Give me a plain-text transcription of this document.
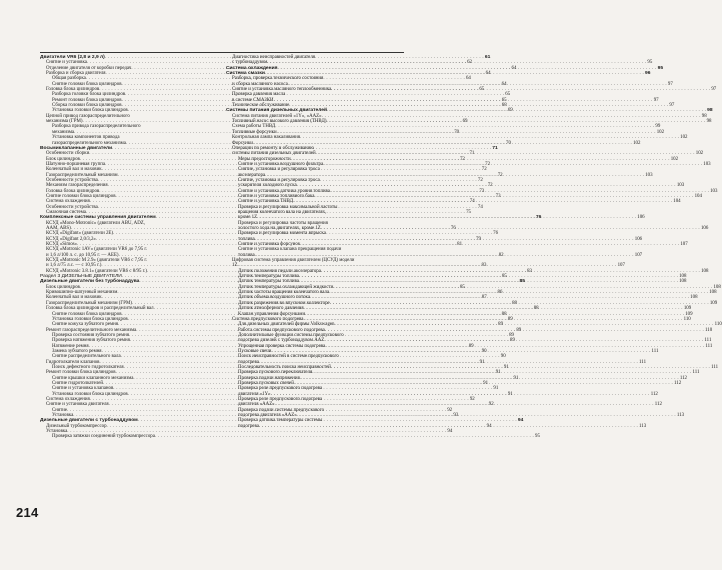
Двигатели VR6 (2,8 и 2,9 л) . . .	61
Снятие и установка . . .	62
Отделение двигателя от коробки передач . . .	64
Разборка и сборка двигателя . . .	64
Общая разборка . . .	64
Снятие головки блока цилиндров . . .	64
Головка блока цилиндров . . .	65
Разборка головки блока цилиндров . . .	65
Ремонт головки блока цилиндров . . .	65
Сборка головки блока цилиндров . . .	68
Установка головки блока цилиндров . . .	69
Цепной привод газораспределительного
механизма (ГРМ) . . .	69
Разборка привода газораспределительного
механизма . . .	70
Установка компонентов привода
газораспределительного механизма . . .	70
Восьмиклапанные двигатели . . .	71
Особенности сборки . . .	71
Блок цилиндров . . .	72
Шатунно-поршневая группа . . .	72
Коленчатый вал и маховик . . .	72
Газораспределительный механизм . . .	72
Особенности устройства . . .	72
Механизм газораспределения . . .	72
Головка блока цилиндров . . .	73
Снятие головки блока цилиндров . . .	73
Система охлаждения . . .	74
Особенности устройства . . .	74
Смазочная система . . .	75
Комплексные системы управления двигателем . . .	76
КСУД «Mono-Motronic» (двигатели ABU, ADZ,
AAM, ABS) . . .	76
КСУД «Digifant» (двигатели 2E) . . .	76
КСУД «Digifant 2,0/3,2» . . .	79
КСУД «Simos» . . .	81
КСУД «Motronic 1AV» (двигатели VR6 до 7,95 г.
и 1,6 л/100 л. с. до 10,95 г. — AEE) . . .	82
КСУД «Motronic M 2.9» (двигатели VR6 с 7,95 г.
и 1,6 л/75 л.с. — с 10,95 г.) . . .	83
КСУД «Motronic 3.8.1» (двигатели VR6 с 8/95 г.) . . .	83
Раздел 3 ДИЗЕЛЬНЫЕ ДВИГАТЕЛИ . . .	85
Дизельные двигатели без турбонаддува . . .	85
Блок цилиндров . . .	85
Кривошипно-шатунный механизм . . .	86
Коленчатый вал и маховик . . .	87
Газораспределительный механизм (ГРМ) . . .	88
Головка блока цилиндров и распределительный вал . . .	88
Снятие головки блока цилиндров . . .	88
Установка головки блока цилиндров . . .	89
Снятие кожуха зубчатого ремня . . .	89
Ремонт газораспределительного механизма . . .	89
Проверка состояния зубчатого ремня . . .	89
Проверка натяжения зубчатого ремня . . .	89
Натяжение ремня . . .	89
Замена зубчатого ремня . . .	90
Снятие распределительного вала . . .	90
Гидротолкатели клапанов . . .	91
Поиск дефектного гидротолкателя . . .	91
Ремонт головки блока цилиндров . . .	91
Снятие крышки клапанного механизма . . .	91
Снятие гидротолкателей . . .	91
Снятие и установка клапанов . . .	91
Установка головки блока цилиндров . . .	91
Система охлаждения . . .	92
Снятие и установка двигателя . . .	92
Снятие . . .	92
Установка . . .	93
Дизельные двигатели с турбонаддувом . . .	94
Дизельный турбокомпрессор . . .	94
Установка . . .	94
Проверка затяжки соединений турбокомпрессора . . .	95
Диагностика неисправностей двигателя
с турбонаддувом . . .	95
Система охлаждения . . .	95
Система смазки . . .	96
Разборка, проверка технического состояния
и сборка масляного насоса . . .	97
Снятие и установка масляного теплообменника . . .	97
Проверка давления масла
в системе СМАЗКИ . . .	97
Техническое обслуживание . . .	97
Системы питания дизельных двигателей . . .	98
Система питания двигателей «1Y», «AAZ» . . .	98
Топливный насос высокого давления (ТНВД) . . .	98
Схема работы ТНВД . . .	99
Топливные форсунки . . .	102
Контрольная лампа накаливания . . .	102
Форсунки . . .	102
Операции по ремонту и обслуживанию
системы питания дизельных двигателей . . .	102
Меры предосторожности . . .	102
Снятие и установка воздушного фильтра . . .	103
Снятие, установка и регулировка троса
акселератора . . .	103
Снятие, установка и регулировка троса
ускорителя холодного пуска . . .	103
Снятие и установка датчика уровня топлива . . .	103
Снятие и установка топливного бака . . .	104
Снятие и установка ТНВД . . .	104
Проверка и регулировка максимальной частоты
вращения коленчатого вала на двигателях,
кроме 1Z . . .	106
Проверка и регулировка частоты вращения
холостого хода на двигателях, кроме 1Z . . .	106
Проверка и регулировка момента впрыска
топлива . . .	106
Снятие и установка форсунок . . .	107
Снятие и установка клапана прекращения подачи
топлива . . .	107
Цифровая система управления двигателем (ЦСУД) модели
1Z . . .	107
Датчик положения педали акселератора . . .	108
Датчик температуры топлива . . .	108
Датчик температуры топлива . . .	108
Датчик температуры охлаждающей жидкости . . .	108
Датчик частоты вращения коленчатого вала . . .	108
Датчик объема воздушного потока . . .	108
Датчик разрежения во впускном коллекторе . . .	109
Датчик атмосферного давления . . .	109
Клапан управления форсунками . . .	109
Система предпускового подогрева . . .	110
Для дизельных двигателей фирмы Volkswagen . . .	110
Работа системы предпускового подогрева . . .	110
Дополнительные функции системы предпускового
подогрева дизелей с турбонаддувом AAZ . . .	111
Упрощенная проверка системы подогрева . . .	111
Пусковые свечи . . .	111
Поиск неисправностей в системе предпускового
подогрева . . .	111
Последовательность поиска неисправностей . . .	111
Проверка пускового переключателя . . .	111
Проверка подачи напряжения . . .	112
Проверка пусковых свечей . . .	112
Проверка реле предпускового подогрева
двигателя «1Y» . . .	112
Проверка реле предпускового подогрева
двигателя «AAZ» . . .	112
Проверка подачи системы предпускового
подогрева двигателя «AAZ» . . .	113
Проверка датчика температуры системы
подогрева . . .	113
214
